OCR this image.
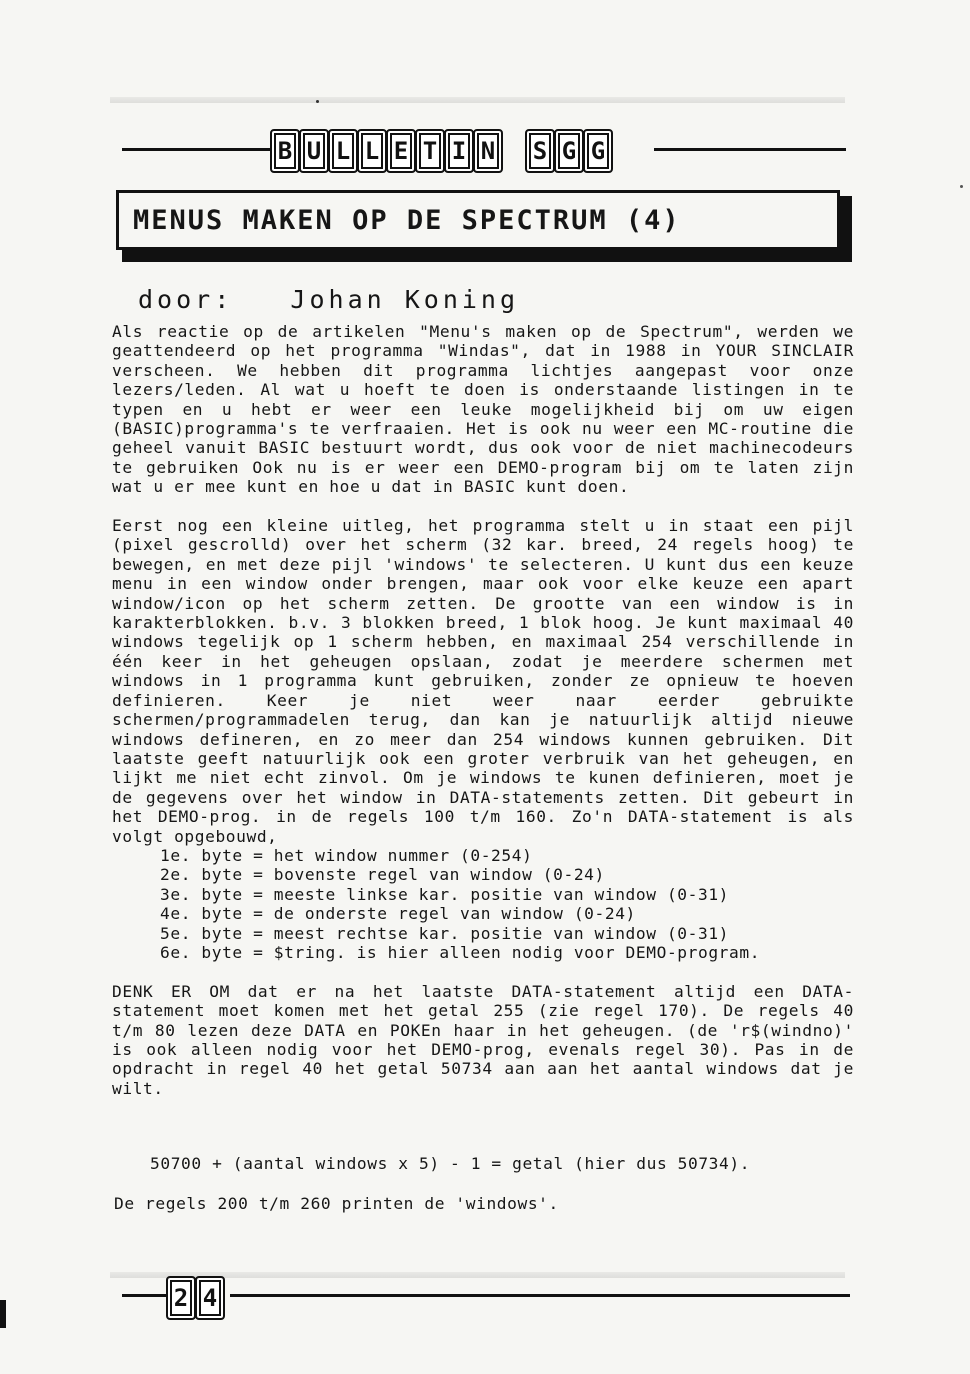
B U L L E T I N	S G G
MENUS MAKEN OP DE SPECTRUM (4)
door:   Johan Koning

Als reactie op de artikelen "Menu's maken op de Spectrum", werden we geattendeerd op het programma "Windas", dat in 1988 in YOUR SINCLAIR verscheen. We hebben dit programma lichtjes aangepast voor onze lezers/leden. Al wat u hoeft te doen is onderstaande listingen in te typen en u hebt er weer een leuke mogelijkheid bij om uw eigen (BASIC)programma's te verfraaien. Het is ook nu weer een MC-routine die geheel vanuit BASIC bestuurt wordt, dus ook voor de niet machinecodeurs te gebruiken Ook nu is er weer een DEMO-program bij om te laten zijn wat u er mee kunt en hoe u dat in BASIC kunt doen.

Eerst nog een kleine uitleg, het programma stelt u in staat een pijl (pixel gescrolld) over het scherm (32 kar. breed, 24 regels hoog) te bewegen, en met deze pijl 'windows' te selecteren. U kunt dus een keuze menu in een window onder brengen, maar ook voor elke keuze een apart window/icon op het scherm zetten. De grootte van een window is in karakterblokken. b.v. 3 blokken breed, 1 blok hoog. Je kunt maximaal 40 windows tegelijk op 1 scherm hebben, en maximaal 254 verschillende in één keer in het geheugen opslaan, zodat je meerdere schermen met windows in 1 programma kunt gebruiken, zonder ze opnieuw te hoeven definieren. Keer je niet weer naar eerder gebruikte schermen/programmadelen terug, dan kan je natuurlijk altijd nieuwe windows defineren, en zo meer dan 254 windows kunnen gebruiken. Dit laatste geeft natuurlijk ook een groter verbruik van het geheugen, en lijkt me niet echt zinvol. Om je windows te kunen definieren, moet je de gegevens over het window in DATA-statements zetten. Dit gebeurt in het DEMO-prog. in de regels 100 t/m 160. Zo'n DATA-statement is als volgt opgebouwd,

1e. byte = het window nummer (0-254)
2e. byte = bovenste regel van window (0-24)
3e. byte = meeste linkse kar. positie van window (0-31)
4e. byte = de onderste regel van window (0-24)
5e. byte = meest rechtse kar. positie van window (0-31)
6e. byte = $tring. is hier alleen nodig voor DEMO-program.

DENK ER OM dat er na het laatste DATA-statement altijd een DATA-statement moet komen met het getal 255 (zie regel 170). De regels 40 t/m 80 lezen deze DATA en POKEn haar in het geheugen. (de 'r$(windno)' is ook alleen nodig voor het DEMO-prog, evenals regel 30). Pas in de opdracht in regel 40 het getal 50734 aan aan het aantal windows dat je wilt.

50700 + (aantal windows x 5) - 1 = getal (hier dus 50734).
De regels 200 t/m 260 printen de 'windows'.
2 4
